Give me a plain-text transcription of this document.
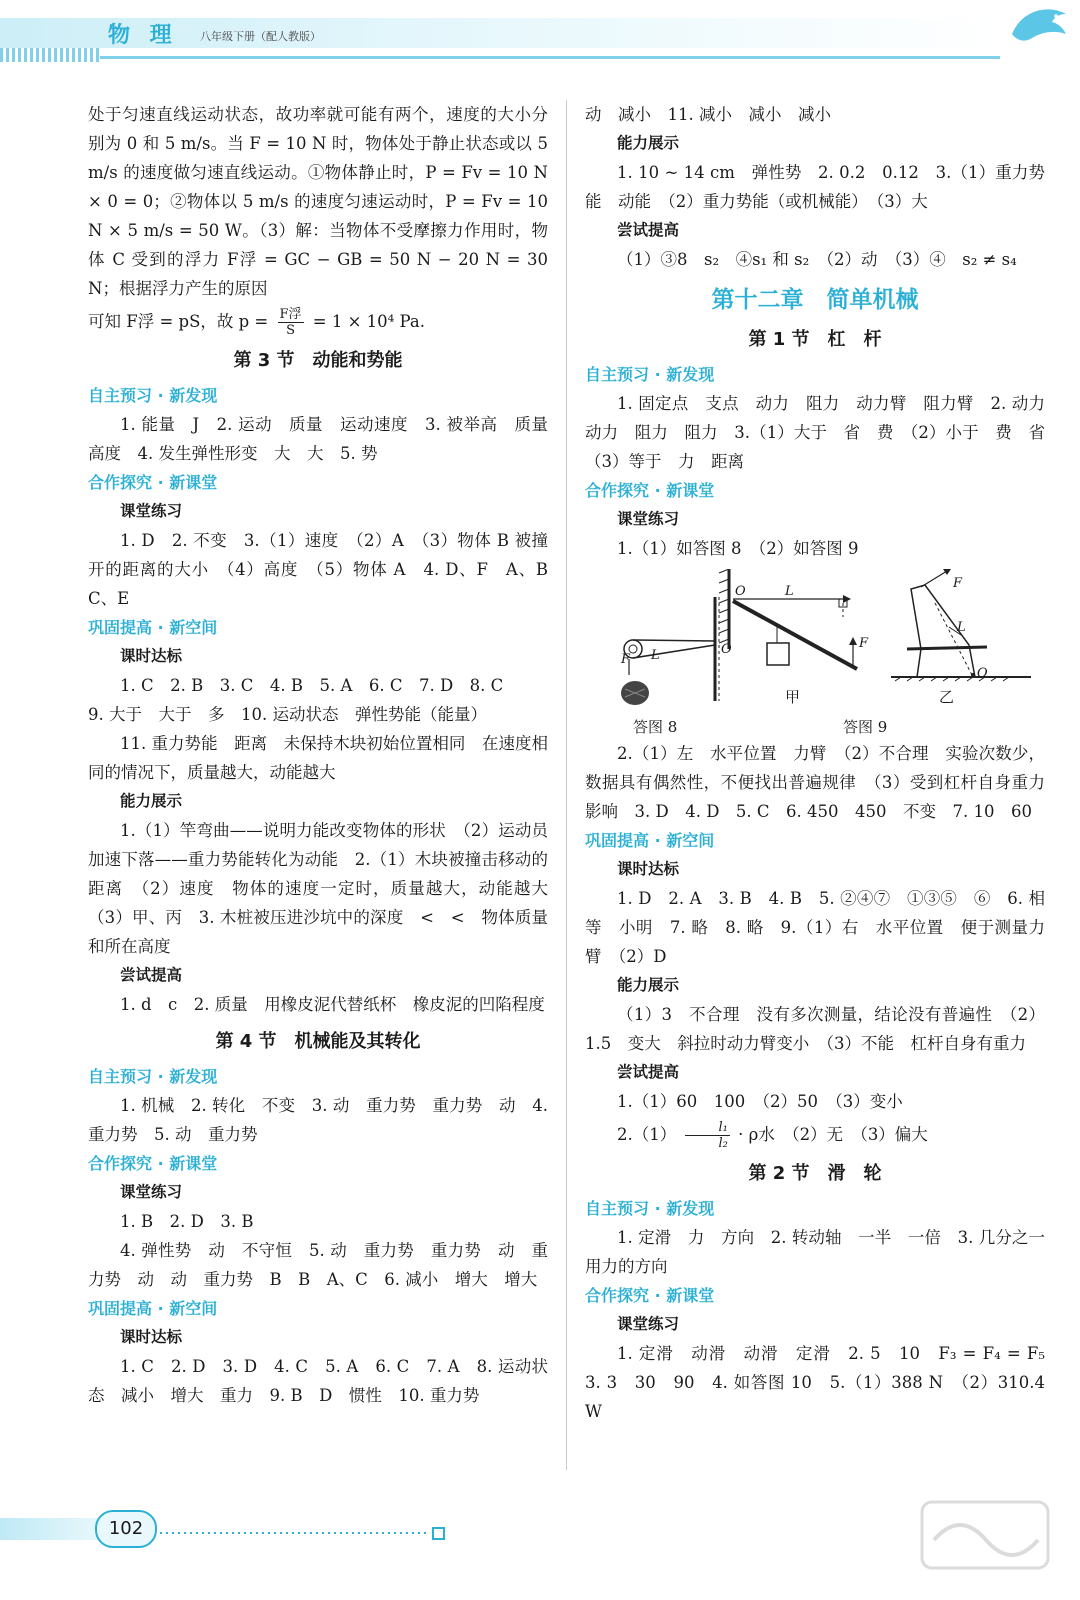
物 理 八年级下册（配人教版）

处于匀速直线运动状态，故功率就可能有两个，速度的大小分别为 0 和 5 m/s。当 F = 10 N 时，物体处于静止状态或以 5 m/s 的速度做匀速直线运动。①物体静止时，P = Fv = 10 N × 0 = 0；②物体以 5 m/s 的速度匀速运动时，P = Fv = 10 N × 5 m/s = 50 W。（3）解：当物体不受摩擦力作用时，物体 C 受到的浮力 F浮 = GC − GB = 50 N − 20 N = 30 N；根据浮力产生的原因

可知 F浮 = pS，故 p = F浮
S	= 1 × 10⁴ Pa.

第 3 节　动能和势能

自主预习 · 新发现

1. 能量　J　2. 运动　质量　运动速度　3. 被举高　质量　高度　4. 发生弹性形变　大　大　5. 势

合作探究 · 新课堂

课堂练习

1. D　2. 不变　3.（1）速度　（2）A　（3）物体 B 被撞开的距离的大小　（4）高度　（5）物体 A　4. D、F　A、B　C、E

巩固提高 · 新空间

课时达标

1. C　2. B　3. C　4. B　5. A　6. C　7. D　8. C

9. 大于　大于　多　10. 运动状态　弹性势能（能量）

11. 重力势能　距离　未保持木块初始位置相同　在速度相同的情况下，质量越大，动能越大

能力展示

1.（1）竿弯曲——说明力能改变物体的形状　（2）运动员加速下落——重力势能转化为动能　2.（1）木块被撞击移动的距离　（2）速度　物体的速度一定时，质量越大，动能越大　（3）甲、丙　3. 木桩被压进沙坑中的深度　<　<　物体质量和所在高度

尝试提高

1. d　c　2. 质量　用橡皮泥代替纸杯　橡皮泥的凹陷程度

第 4 节　机械能及其转化

自主预习 · 新发现

1. 机械　2. 转化　不变　3. 动　重力势　重力势　动　4. 重力势　5. 动　重力势

合作探究 · 新课堂

课堂练习

1. B　2. D　3. B

4. 弹性势　动　不守恒　5. 动　重力势　重力势　动　重力势　动　动　重力势　B　B　A、C　6. 减小　增大　增大

巩固提高 · 新空间

课时达标

1. C　2. D　3. D　4. C　5. A　6. C　7. A　8. 运动状态　减小　增大　重力　9. B　D　惯性　10. 重力势

动　减小　11. 减小　减小　减小

能力展示

1. 10 ~ 14 cm　弹性势　2. 0.2　0.12　3.（1）重力势能　动能　（2）重力势能（或机械能）　（3）大

尝试提高

（1）③8　s₂　④s₁ 和 s₂　（2）动　（3）④　s₂ ≠ s₄

第十二章　简单机械
第 1 节　杠　杆

自主预习 · 新发现

1. 固定点　支点　动力　阻力　动力臂　阻力臂　2. 动力　动力　阻力　阻力　3.（1）大于　省　费　（2）小于　费　省　（3）等于　力　距离

合作探究 · 新课堂

课堂练习

1.（1）如答图 8　（2）如答图 9

F L	O
O	L
F
甲
F
L
O
乙
答图 8	答图 9

2.（1）左　水平位置　力臂　（2）不合理　实验次数少，数据具有偶然性，不便找出普遍规律　（3）受到杠杆自身重力影响　3. D　4. D　5. C　6. 450　450　不变　7. 10　60

巩固提高 · 新空间

课时达标

1. D　2. A　3. B　4. B　5. ②④⑦　①③⑤　⑥　6. 相等　小明　7. 略　8. 略　9.（1）右　水平位置　便于测量力臂　（2）D

能力展示

（1）3　不合理　没有多次测量，结论没有普遍性　（2）1.5　变大　斜拉时动力臂变小　（3）不能　杠杆自身有重力

尝试提高

1.（1）60　100　（2）50　（3）变小

$2.(1) \frac{\text{l₁}}{\text{l₂}} \cdot \rho$水　（2）无　（3）偏大

第 2 节　滑　轮

自主预习 · 新发现

1. 定滑　力　方向　2. 转动轴　一半　一倍　3. 几分之一　用力的方向

合作探究 · 新课堂

课堂练习

1. 定滑　动滑　动滑　定滑　2. 5　10　F₃ = F₄ = F₅　3. 3　30　90　4. 如答图 10　5.（1）388 N　（2）310.4 W

102
